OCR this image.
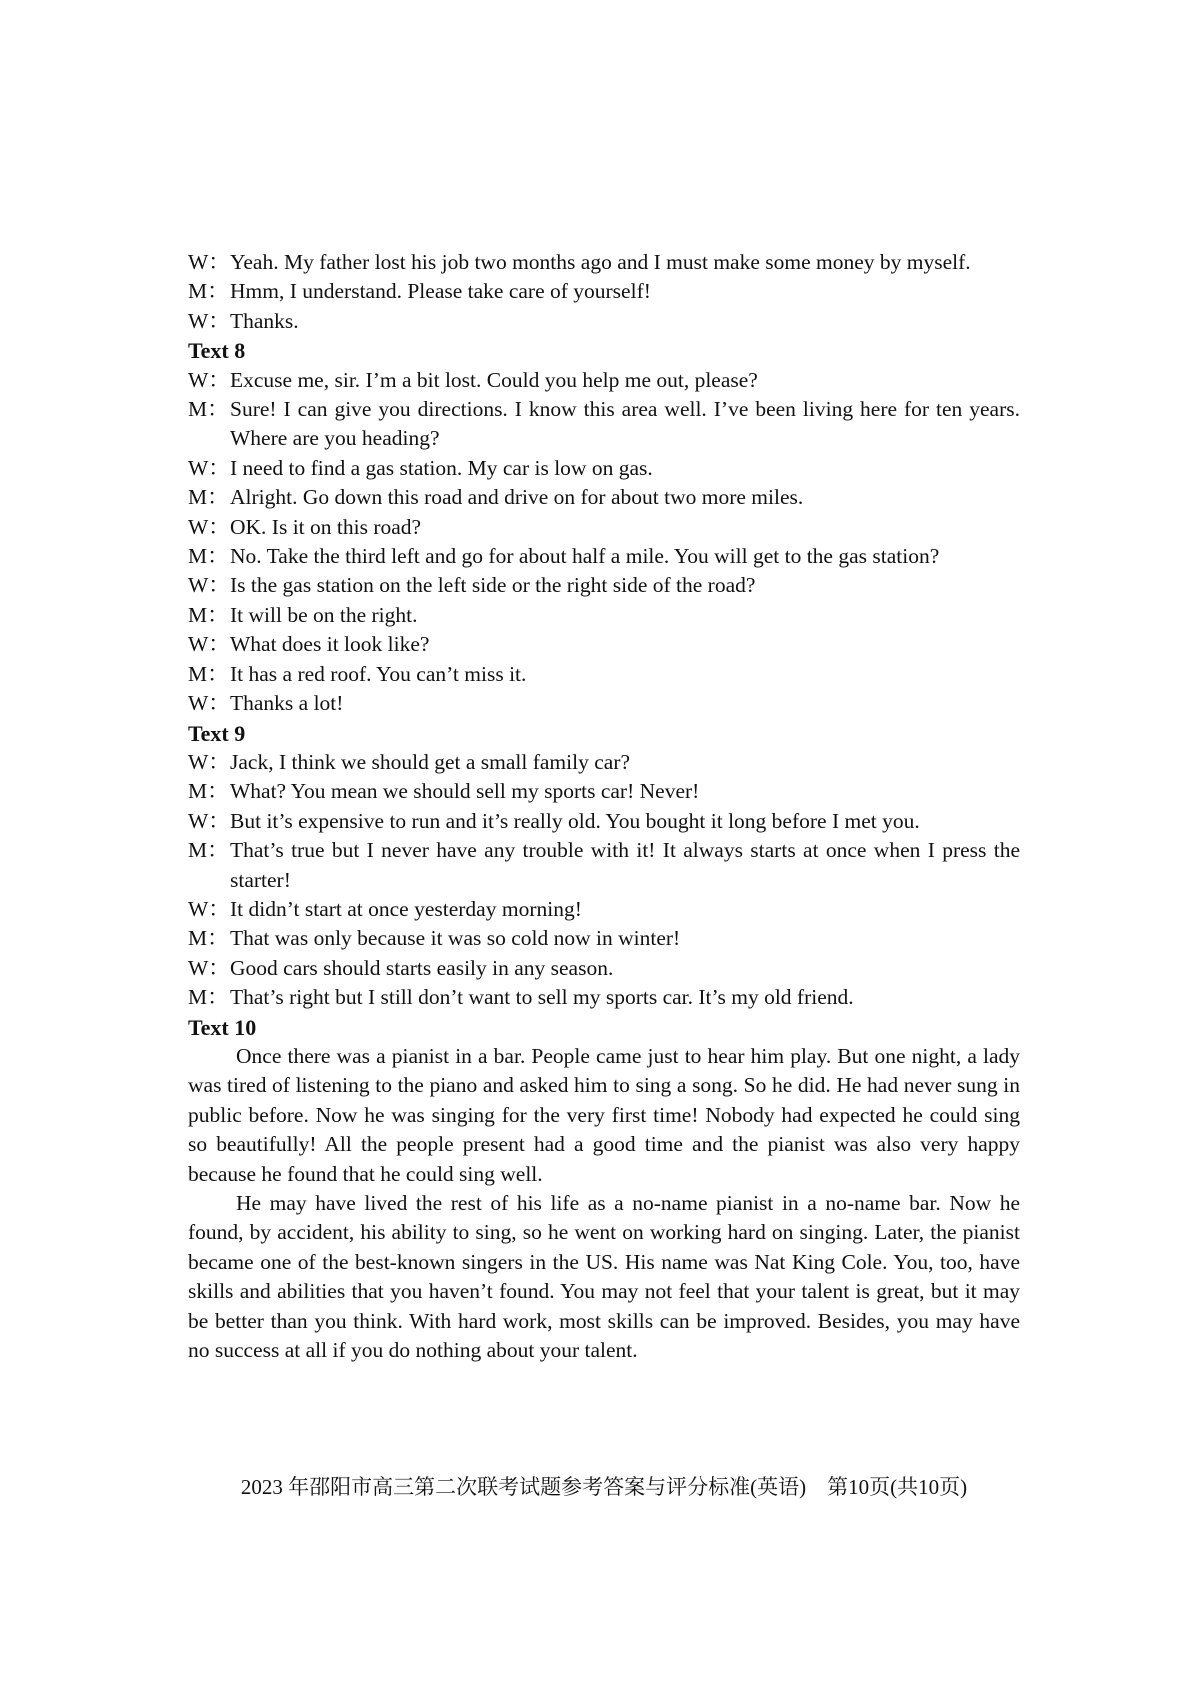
W： Yeah. My father lost his job two months ago and I must make some money by myself.
M： Hmm, I understand. Please take care of yourself!
W： Thanks.
Text 8
W： Excuse me, sir. I’m a bit lost. Could you help me out, please?
M： Sure! I can give you directions. I know this area well. I’ve been living here for ten years. Where are you heading?
W： I need to find a gas station. My car is low on gas.
M： Alright. Go down this road and drive on for about two more miles.
W： OK. Is it on this road?
M： No. Take the third left and go for about half a mile. You will get to the gas station?
W： Is the gas station on the left side or the right side of the road?
M： It will be on the right.
W： What does it look like?
M： It has a red roof. You can’t miss it.
W： Thanks a lot!
Text 9
W： Jack, I think we should get a small family car?
M： What? You mean we should sell my sports car! Never!
W： But it’s expensive to run and it’s really old. You bought it long before I met you.
M： That’s true but I never have any trouble with it! It always starts at once when I press the starter!
W： It didn’t start at once yesterday morning!
M： That was only because it was so cold now in winter!
W： Good cars should starts easily in any season.
M： That’s right but I still don’t want to sell my sports car. It’s my old friend.
Text 10
Once there was a pianist in a bar. People came just to hear him play. But one night, a lady was tired of listening to the piano and asked him to sing a song. So he did. He had never sung in public before. Now he was singing for the very first time! Nobody had expected he could sing so beautifully! All the people present had a good time and the pianist was also very happy because he found that he could sing well.
He may have lived the rest of his life as a no-name pianist in a no-name bar. Now he found, by accident, his ability to sing, so he went on working hard on singing. Later, the pianist became one of the best-known singers in the US. His name was Nat King Cole. You, too, have skills and abilities that you haven’t found. You may not feel that your talent is great, but it may be better than you think. With hard work, most skills can be improved. Besides, you may have no success at all if you do nothing about your talent.
2023 年邵阳市高三第二次联考试题参考答案与评分标准(英语)　第10页(共10页)
